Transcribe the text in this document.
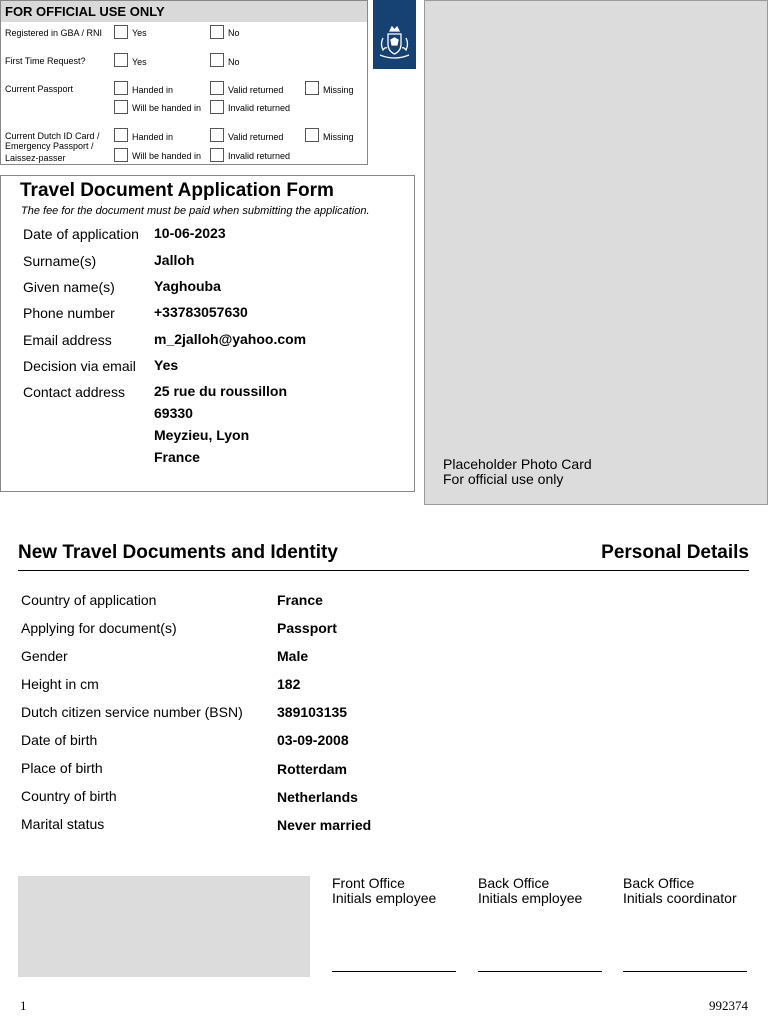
FOR OFFICIAL USE ONLY
Registered in GBA / RNI	Yes	No
First Time Request?	Yes	No
Current Passport	Handed in	Valid returned	Missing
Will be handed in	Invalid returned
Current Dutch ID Card /
Emergency Passport /
Laissez-passer
Handed in	Valid returned	Missing
Will be handed in	Invalid returned
Placeholder Photo Card
For official use only
Travel Document Application Form
The fee for the document must be paid when submitting the application.
Date of application 10-06-2023
Surname(s)	Jalloh
Given name(s)	Yaghouba
Phone number	+33783057630
Email address	m_2jalloh@yahoo.com
Decision via email Yes
Contact address 25 rue du roussillon
69330
Meyzieu, Lyon
France
New Travel Documents and Identity	Personal Details
Country of application	France
Applying for document(s)	Passport
Gender	Male
Height in cm	182
Dutch citizen service number (BSN) 389103135
Date of birth	03-09-2008
Place of birth	Rotterdam
Country of birth	Netherlands
Marital status	Never married
Front Office
Initials employee
Back Office
Initials employee
Back Office
Initials coordinator
1	992374
